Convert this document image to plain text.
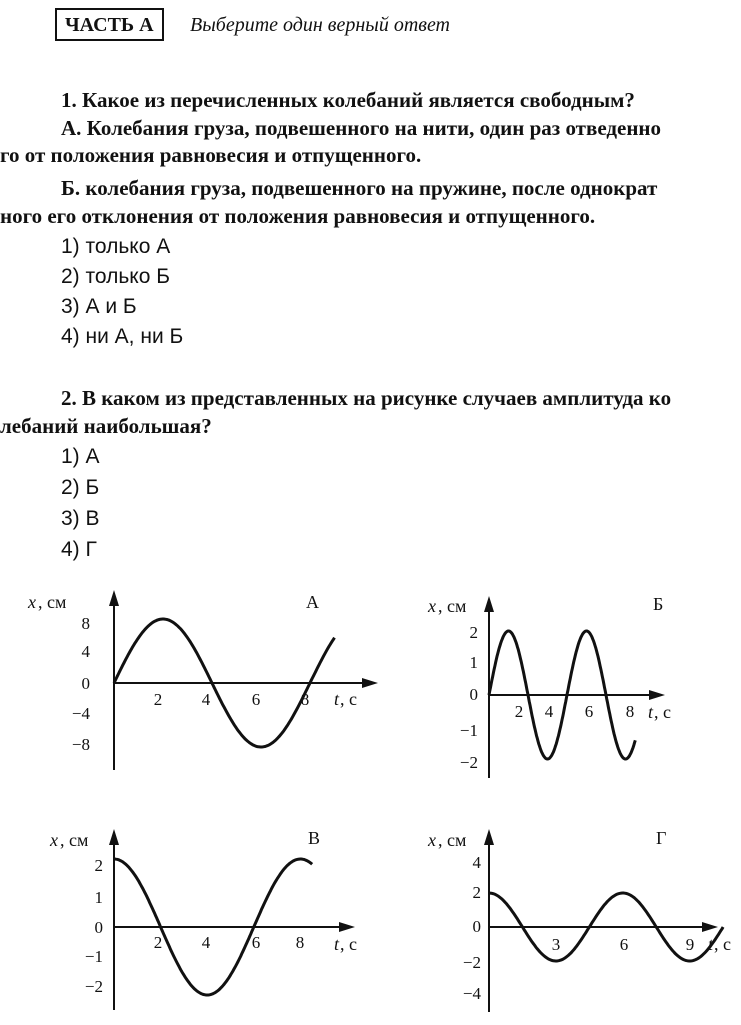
ЧАСТЬ А	Выберите один верный ответ
1. Какое из перечисленных колебаний является свободным?
А. Колебания груза, подвешенного на нити, один раз отведенно
го от положения равновесия и отпущенного.
Б. колебания груза, подвешенного на пружине, после однократ
ного его отклонения от положения равновесия и отпущенного.
1) только А
2) только Б
3) А и Б
4) ни А, ни Б
2. В каком из представленных на рисунке случаев амплитуда ко
лебаний наибольшая?
1) А
2) Б
3) В
4) Г
x , см
t , с
А
8
4
0
−4
−8
2 4 6 8
x , см
t , с
Б
2
1
0
−1
−2
2 4 6 8
x , см
t , с
В
2
1
0
−1
−2
2 4 6 8
x , см
t , с
Г
4
2
0
−2
−4
3	6	9
